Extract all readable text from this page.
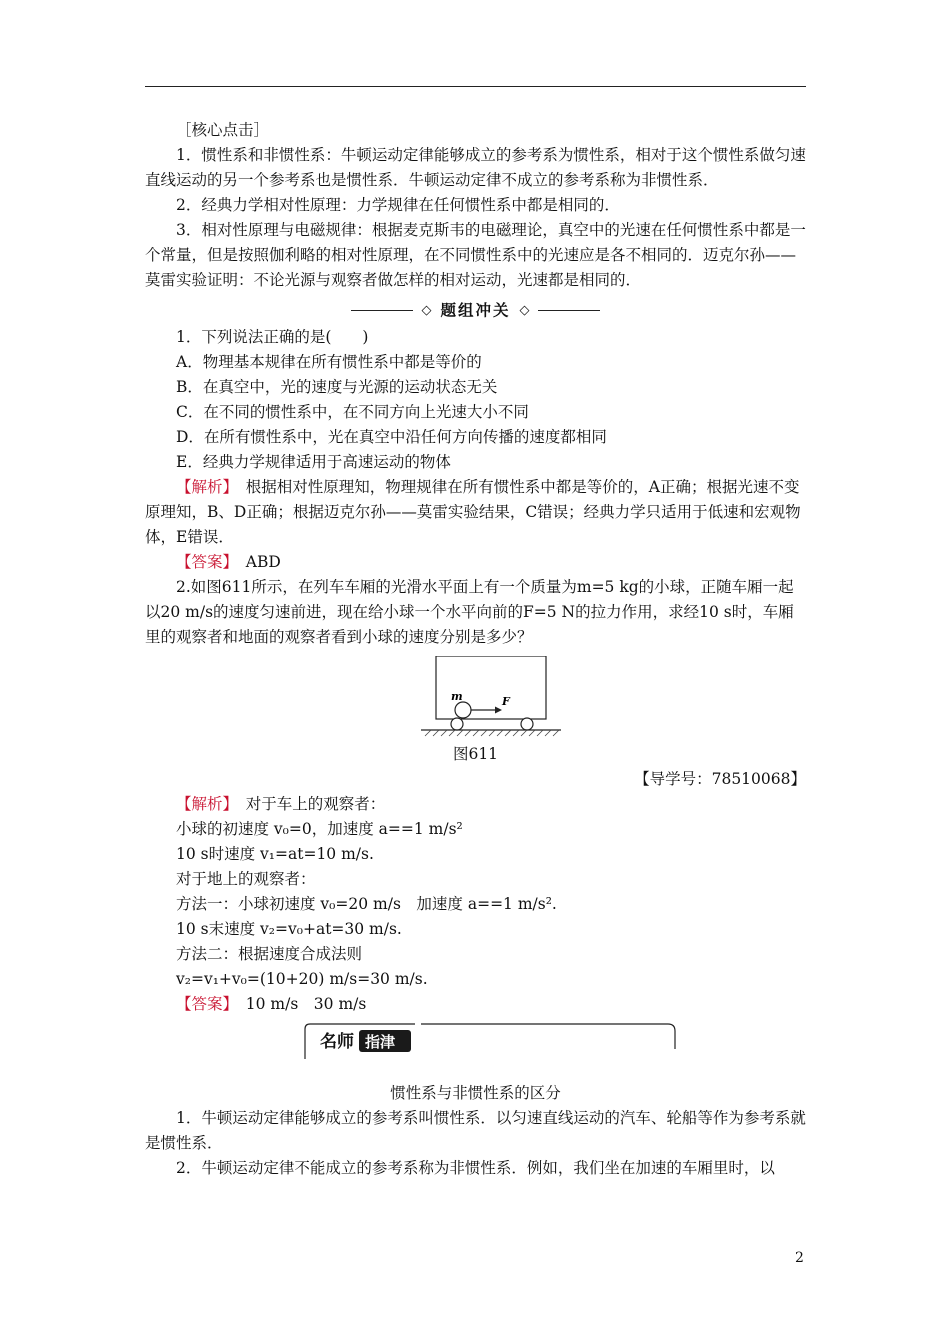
［核心点击］

1．惯性系和非惯性系：牛顿运动定律能够成立的参考系为惯性系，相对于这个惯性系做匀速直线运动的另一个参考系也是惯性系．牛顿运动定律不成立的参考系称为非惯性系．

2．经典力学相对性原理：力学规律在任何惯性系中都是相同的．

3．相对性原理与电磁规律：根据麦克斯韦的电磁理论，真空中的光速在任何惯性系中都是一个常量，但是按照伽利略的相对性原理，在不同惯性系中的光速应是各不相同的．迈克尔孙——莫雷实验证明：不论光源与观察者做怎样的相对运动，光速都是相同的．

◇ 题组冲关 ◇

1．下列说法正确的是(　　)

A．物理基本规律在所有惯性系中都是等价的

B．在真空中，光的速度与光源的运动状态无关

C．在不同的惯性系中，在不同方向上光速大小不同

D．在所有惯性系中，光在真空中沿任何方向传播的速度都相同

E．经典力学规律适用于高速运动的物体

【解析】　根据相对性原理知，物理规律在所有惯性系中都是等价的，A正确；根据光速不变原理知，B、D正确；根据迈克尔孙——莫雷实验结果，C错误；经典力学只适用于低速和宏观物体，E错误．

【答案】　ABD

2.如图611所示，在列车车厢的光滑水平面上有一个质量为m=5 kg的小球，正随车厢一起以20 m/s的速度匀速前进，现在给小球一个水平向前的F=5 N的拉力作用，求经10 s时，车厢里的观察者和地面的观察者看到小球的速度分别是多少？

m	F

图611

【导学号：78510068】

【解析】　对于车上的观察者：

小球的初速度 v₀=0，加速度 a==1 m/s²

10 s时速度 v₁=at=10 m/s.

对于地上的观察者：

方法一：小球初速度 v₀=20 m/s　加速度 a==1 m/s².

10 s末速度 v₂=v₀+at=30 m/s.

方法二：根据速度合成法则

v₂=v₁+v₀=(10+20) m/s=30 m/s.

【答案】　10 m/s　30 m/s

名师 指津

惯性系与非惯性系的区分

1．牛顿运动定律能够成立的参考系叫惯性系．以匀速直线运动的汽车、轮船等作为参考系就是惯性系．

2．牛顿运动定律不能成立的参考系称为非惯性系．例如，我们坐在加速的车厢里时，以

2
